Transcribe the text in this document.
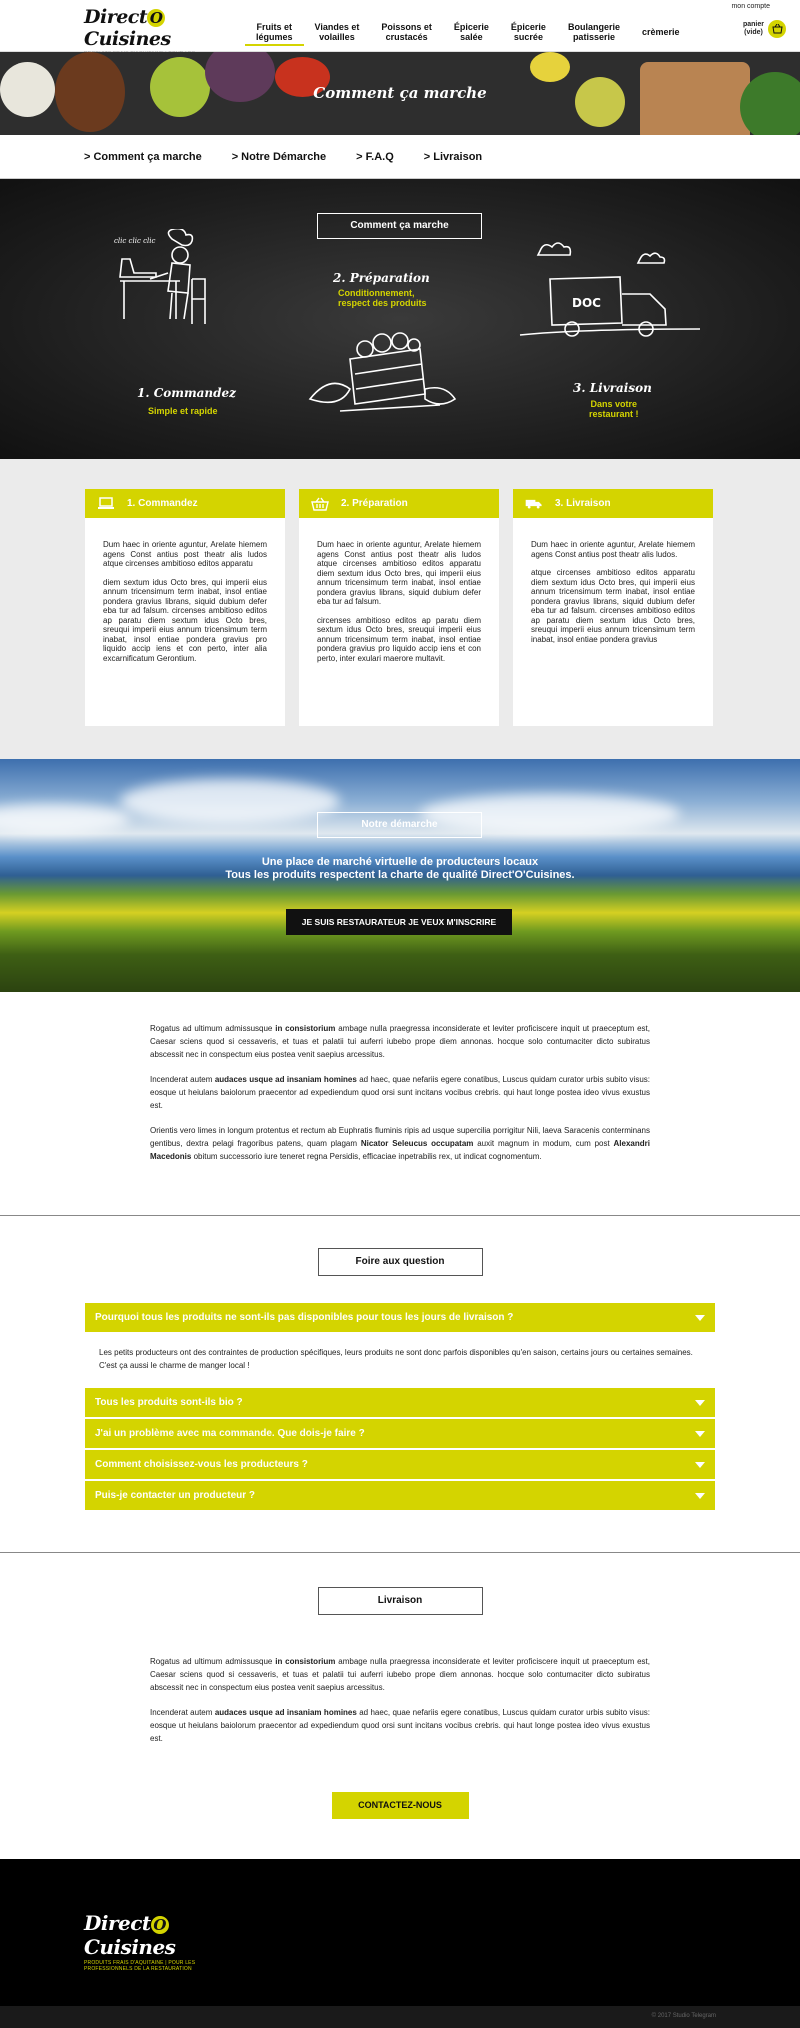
Direct OCuisines
Fruits et
légumes
Viandes et
volailles
Poissons et
crustacés
Épicerie
salée
Épicerie
sucrée
Boulangerie
patisserie	crèmerie
mon compte
panier
(vide)
Comment ça marche
> Comment ça marche	> Notre Démarche	> F.A.Q	> Livraison
Comment ça marche
clic clic clic
1. Commandez
Simple et rapide
2. Préparation
Conditionnement,
respect des produits	DOC
3. Livraison
Dans votre
restaurant !
1. Commandez

Dum haec in oriente aguntur, Arelate hiemem agens Const antius post theatr alis ludos atque circenses ambitioso editos apparatu

diem sextum idus Octo bres, qui imperii eius annum tricensimum term inabat, insol entiae pondera gravius librans, siquid dubium defer eba tur ad falsum. circenses ambitioso editos ap paratu diem sextum idus Octo bres, sreuqui imperii eius annum tricensimum term inabat, insol entiae pondera gravius pro liquido accip iens et con perto, inter alia excarnificatum Gerontium.

2. Préparation

Dum haec in oriente aguntur, Arelate hiemem agens Const antius post theatr alis ludos atque circenses ambitioso editos apparatu diem sextum idus Octo bres, qui imperii eius annum tricensimum term inabat, insol entiae pondera gravius librans, siquid dubium defer eba tur ad falsum.

circenses ambitioso editos ap paratu diem sextum idus Octo bres, sreuqui imperii eius annum tricensimum term inabat, insol entiae pondera gravius pro liquido accip iens et con perto, inter exulari maerore multavit.

3. Livraison

Dum haec in oriente aguntur, Arelate hiemem agens Const antius post theatr alis ludos.

atque circenses ambitioso editos apparatu diem sextum idus Octo bres, qui imperii eius annum tricensimum term inabat, insol entiae pondera gravius librans, siquid dubium defer eba tur ad falsum. circenses ambitioso editos ap paratu diem sextum idus Octo bres, sreuqui imperii eius annum tricensimum term inabat, insol entiae pondera gravius

Notre démarche
Une place de marché virtuelle de producteurs locaux
Tous les produits respectent la charte de qualité Direct'O'Cuisines.
JE SUIS RESTAURATEUR JE VEUX M'INSCRIRE

Rogatus ad ultimum admissusque in consistorium ambage nulla praegressa inconsiderate et leviter proficiscere inquit ut praeceptum est, Caesar sciens quod si cessaveris, et tuas et palatii tui auferri iubebo prope diem annonas. hocque solo contumaciter dicto subiratus abscessit nec in conspectum eius postea venit saepius arcessitus.

Incenderat autem audaces usque ad insaniam homines ad haec, quae nefariis egere conatibus, Luscus quidam curator urbis subito visus: eosque ut heiulans baiolorum praecentor ad expediendum quod orsi sunt incitans vocibus crebris. qui haut longe postea ideo vivus exustus est.

Orientis vero limes in longum protentus et rectum ab Euphratis fluminis ripis ad usque supercilia porrigitur Nili, laeva Saracenis conterminans gentibus, dextra pelagi fragoribus patens, quam plagam Nicator Seleucus occupatam auxit magnum in modum, cum post Alexandri Macedonis obitum successorio iure teneret regna Persidis, efficaciae inpetrabilis rex, ut indicat cognomentum.

Foire aux question
Pourquoi tous les produits ne sont-ils pas disponibles pour tous les jours de livraison ?
Les petits producteurs ont des contraintes de production spécifiques, leurs produits ne sont donc parfois disponibles qu'en saison, certains jours ou certaines semaines. C'est ça aussi le charme de manger local !
Tous les produits sont-ils bio ?
J'ai un problème avec ma commande. Que dois-je faire ?
Comment choisissez-vous les producteurs ?
Puis-je contacter un producteur ?
Livraison

Rogatus ad ultimum admissusque in consistorium ambage nulla praegressa inconsiderate et leviter proficiscere inquit ut praeceptum est, Caesar sciens quod si cessaveris, et tuas et palatii tui auferri iubebo prope diem annonas. hocque solo contumaciter dicto subiratus abscessit nec in conspectum eius postea venit saepius arcessitus.

Incenderat autem audaces usque ad insaniam homines ad haec, quae nefariis egere conatibus, Luscus quidam curator urbis subito visus: eosque ut heiulans baiolorum praecentor ad expediendum quod orsi sunt incitans vocibus crebris. qui haut longe postea ideo vivus exustus est.

CONTACTEZ-NOUS
Direct OCuisines
PRODUITS FRAIS D'AQUITAINE | POUR LES PROFESSIONNELS DE LA RESTAURATION
© 2017 Studio Telegram
